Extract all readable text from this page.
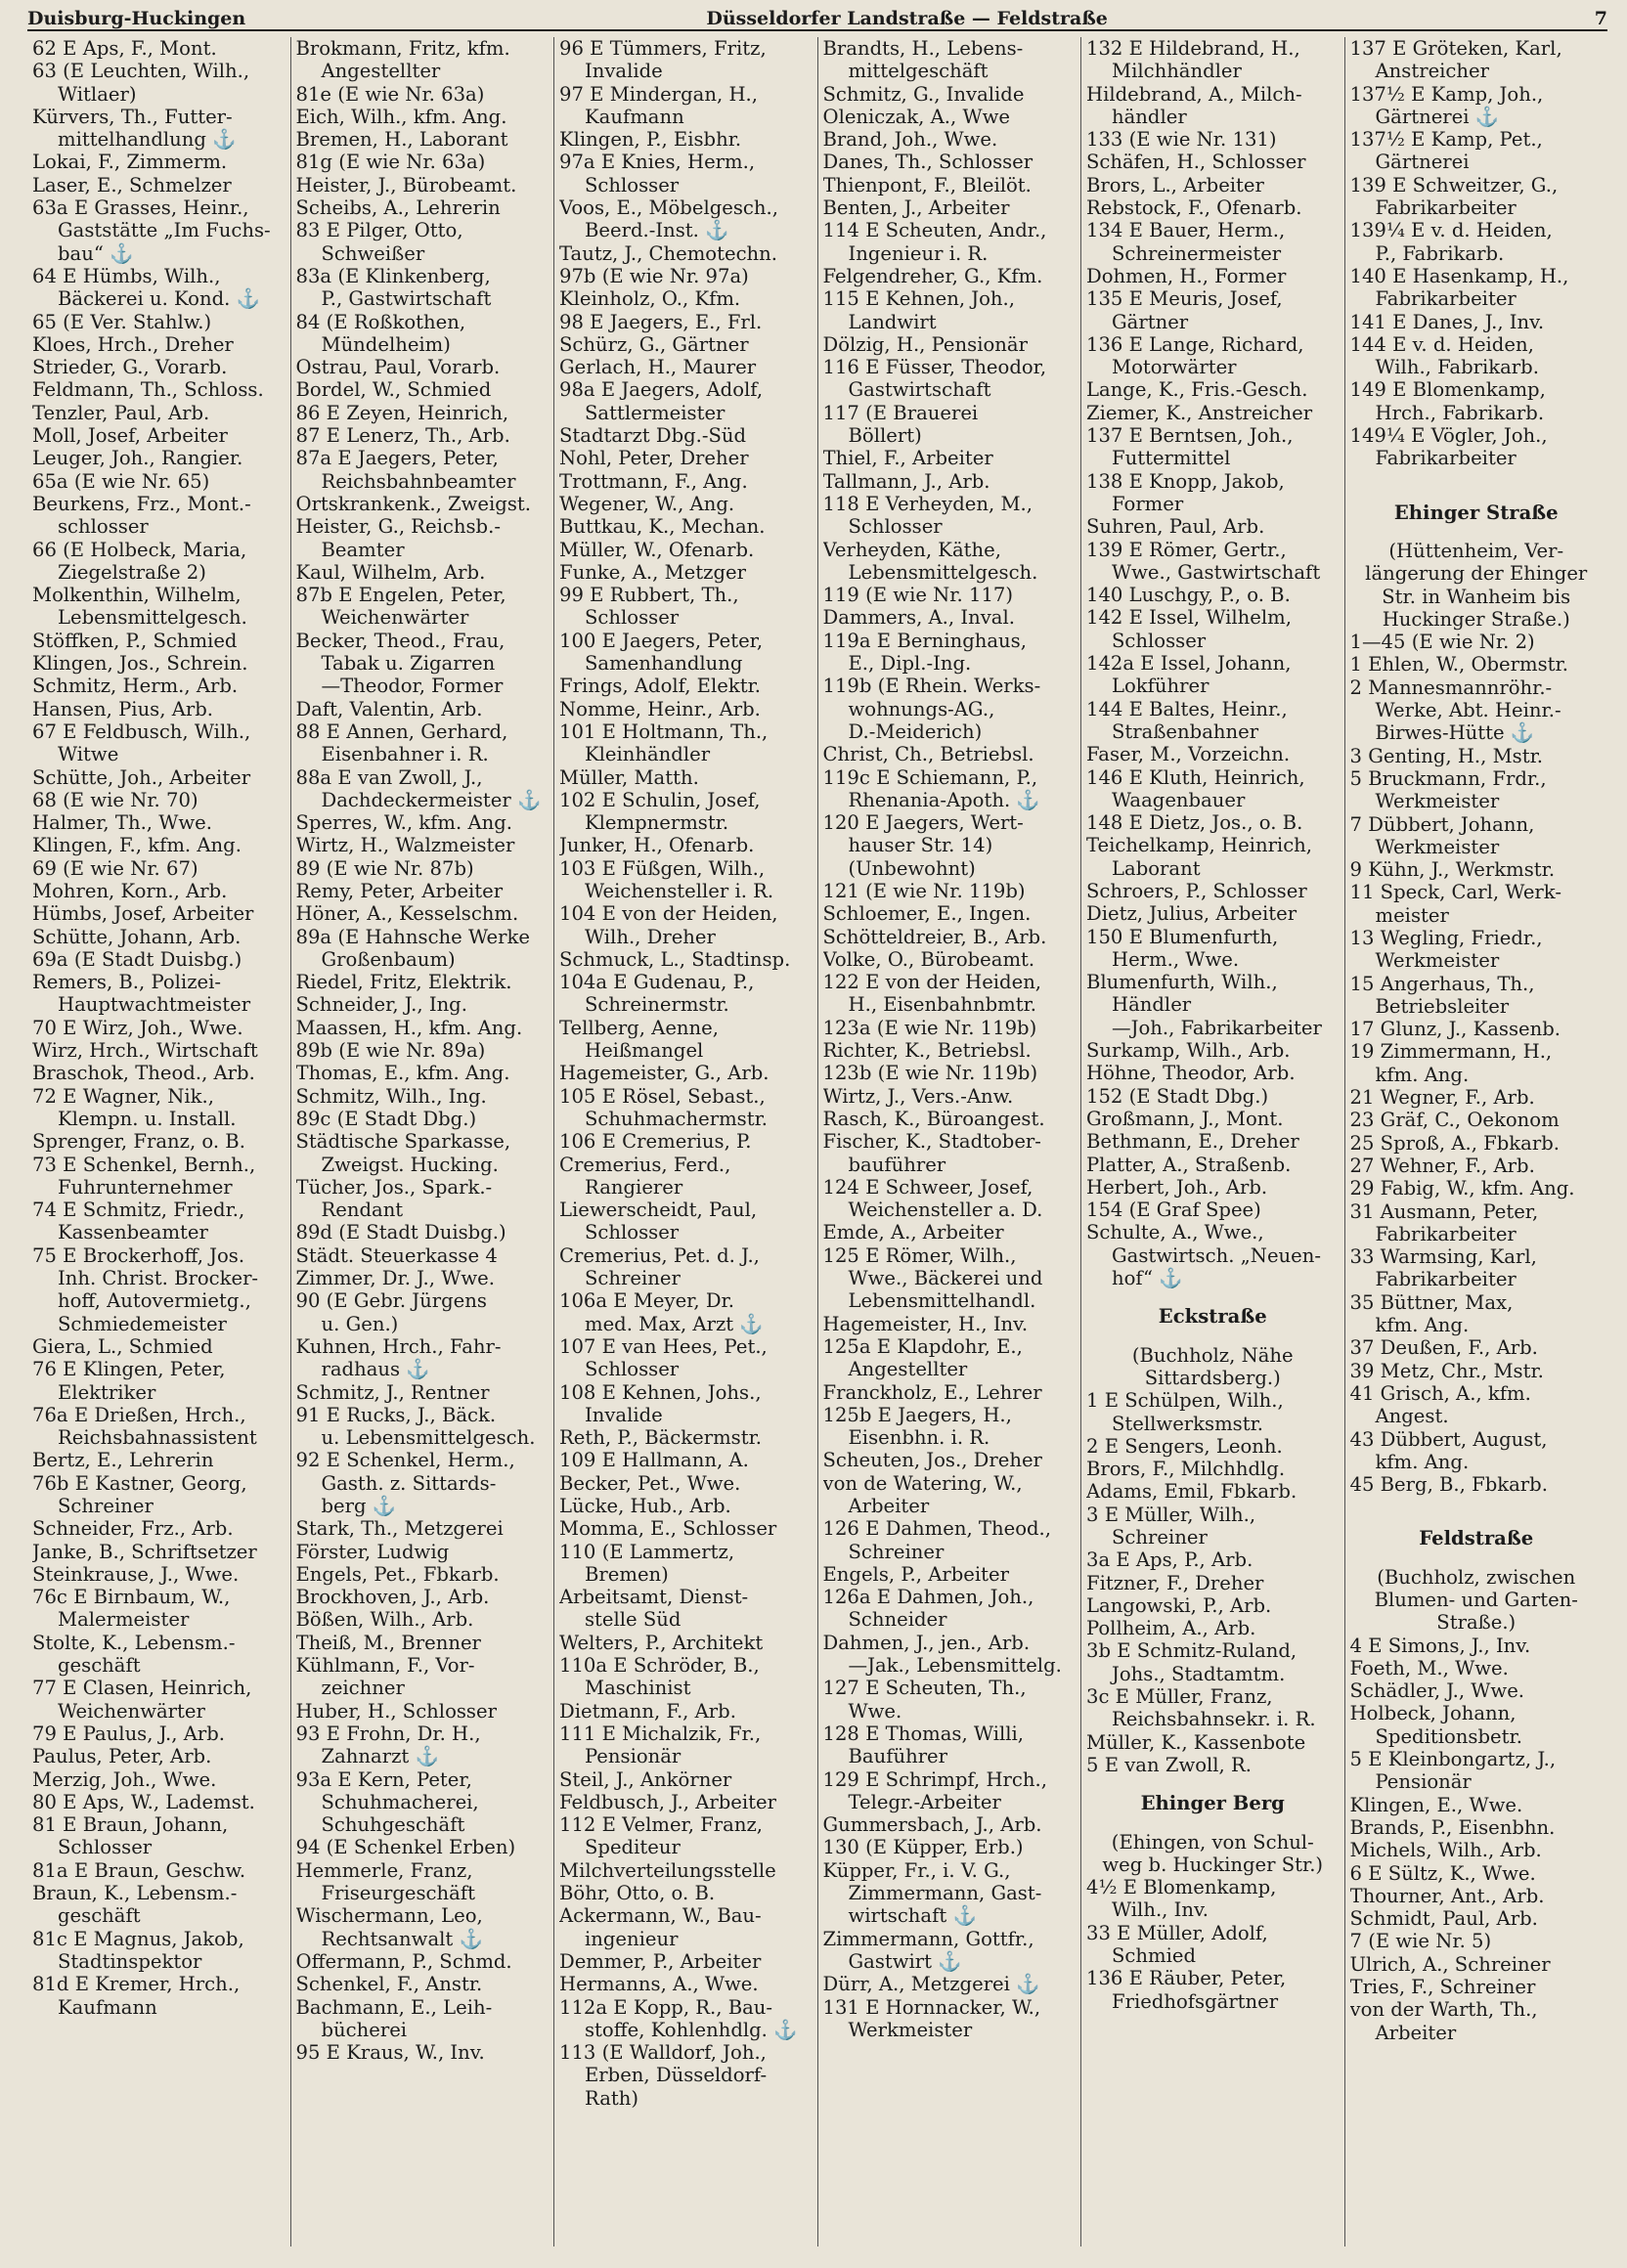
Duisburg-Huckingen	Düsseldorfer Landstraße — Feldstraße	7
62 E Aps, F., Mont.
63 (E Leuchten, Wilh.,
Witlaer)
Kürvers, Th., Futter-
mittelhandlung ⚓
Lokai, F., Zimmerm.
Laser, E., Schmelzer
63a E Grasses, Heinr.,
Gaststätte „Im Fuchs-
bau“ ⚓
64 E Hümbs, Wilh.,
Bäckerei u. Kond. ⚓
65 (E Ver. Stahlw.)
Kloes, Hrch., Dreher
Strieder, G., Vorarb.
Feldmann, Th., Schloss.
Tenzler, Paul, Arb.
Moll, Josef, Arbeiter
Leuger, Joh., Rangier.
65a (E wie Nr. 65)
Beurkens, Frz., Mont.-
schlosser
66 (E Holbeck, Maria,
Ziegelstraße 2)
Molkenthin, Wilhelm,
Lebensmittelgesch.
Stöffken, P., Schmied
Klingen, Jos., Schrein.
Schmitz, Herm., Arb.
Hansen, Pius, Arb.
67 E Feldbusch, Wilh.,
Witwe
Schütte, Joh., Arbeiter
68 (E wie Nr. 70)
Halmer, Th., Wwe.
Klingen, F., kfm. Ang.
69 (E wie Nr. 67)
Mohren, Korn., Arb.
Hümbs, Josef, Arbeiter
Schütte, Johann, Arb.
69a (E Stadt Duisbg.)
Remers, B., Polizei-
Hauptwachtmeister
70 E Wirz, Joh., Wwe.
Wirz, Hrch., Wirtschaft
Braschok, Theod., Arb.
72 E Wagner, Nik.,
Klempn. u. Install.
Sprenger, Franz, o. B.
73 E Schenkel, Bernh.,
Fuhrunternehmer
74 E Schmitz, Friedr.,
Kassenbeamter
75 E Brockerhoff, Jos.
Inh. Christ. Brocker-
hoff, Autovermietg.,
Schmiedemeister
Giera, L., Schmied
76 E Klingen, Peter,
Elektriker
76a E Drießen, Hrch.,
Reichsbahnassistent
Bertz, E., Lehrerin
76b E Kastner, Georg,
Schreiner
Schneider, Frz., Arb.
Janke, B., Schriftsetzer
Steinkrause, J., Wwe.
76c E Birnbaum, W.,
Malermeister
Stolte, K., Lebensm.-
geschäft
77 E Clasen, Heinrich,
Weichenwärter
79 E Paulus, J., Arb.
Paulus, Peter, Arb.
Merzig, Joh., Wwe.
80 E Aps, W., Lademst.
81 E Braun, Johann,
Schlosser
81a E Braun, Geschw.
Braun, K., Lebensm.-
geschäft
81c E Magnus, Jakob,
Stadtinspektor
81d E Kremer, Hrch.,
Kaufmann
Brokmann, Fritz, kfm.
Angestellter
81e (E wie Nr. 63a)
Eich, Wilh., kfm. Ang.
Bremen, H., Laborant
81g (E wie Nr. 63a)
Heister, J., Bürobeamt.
Scheibs, A., Lehrerin
83 E Pilger, Otto,
Schweißer
83a (E Klinkenberg,
P., Gastwirtschaft
84 (E Roßkothen,
Mündelheim)
Ostrau, Paul, Vorarb.
Bordel, W., Schmied
86 E Zeyen, Heinrich,
87 E Lenerz, Th., Arb.
87a E Jaegers, Peter,
Reichsbahnbeamter
Ortskrankenk., Zweigst.
Heister, G., Reichsb.-
Beamter
Kaul, Wilhelm, Arb.
87b E Engelen, Peter,
Weichenwärter
Becker, Theod., Frau,
Tabak u. Zigarren
—Theodor, Former
Daft, Valentin, Arb.
88 E Annen, Gerhard,
Eisenbahner i. R.
88a E van Zwoll, J.,
Dachdeckermeister ⚓
Sperres, W., kfm. Ang.
Wirtz, H., Walzmeister
89 (E wie Nr. 87b)
Remy, Peter, Arbeiter
Höner, A., Kesselschm.
89a (E Hahnsche Werke
Großenbaum)
Riedel, Fritz, Elektrik.
Schneider, J., Ing.
Maassen, H., kfm. Ang.
89b (E wie Nr. 89a)
Thomas, E., kfm. Ang.
Schmitz, Wilh., Ing.
89c (E Stadt Dbg.)
Städtische Sparkasse,
Zweigst. Hucking.
Tücher, Jos., Spark.-
Rendant
89d (E Stadt Duisbg.)
Städt. Steuerkasse 4
Zimmer, Dr. J., Wwe.
90 (E Gebr. Jürgens
u. Gen.)
Kuhnen, Hrch., Fahr-
radhaus ⚓
Schmitz, J., Rentner
91 E Rucks, J., Bäck.
u. Lebensmittelgesch.
92 E Schenkel, Herm.,
Gasth. z. Sittards-
berg ⚓
Stark, Th., Metzgerei
Förster, Ludwig
Engels, Pet., Fbkarb.
Brockhoven, J., Arb.
Bößen, Wilh., Arb.
Theiß, M., Brenner
Kühlmann, F., Vor-
zeichner
Huber, H., Schlosser
93 E Frohn, Dr. H.,
Zahnarzt ⚓
93a E Kern, Peter,
Schuhmacherei,
Schuhgeschäft
94 (E Schenkel Erben)
Hemmerle, Franz,
Friseurgeschäft
Wischermann, Leo,
Rechtsanwalt ⚓
Offermann, P., Schmd.
Schenkel, F., Anstr.
Bachmann, E., Leih-
bücherei
95 E Kraus, W., Inv.
96 E Tümmers, Fritz,
Invalide
97 E Mindergan, H.,
Kaufmann
Klingen, P., Eisbhr.
97a E Knies, Herm.,
Schlosser
Voos, E., Möbelgesch.,
Beerd.-Inst. ⚓
Tautz, J., Chemotechn.
97b (E wie Nr. 97a)
Kleinholz, O., Kfm.
98 E Jaegers, E., Frl.
Schürz, G., Gärtner
Gerlach, H., Maurer
98a E Jaegers, Adolf,
Sattlermeister
Stadtarzt Dbg.-Süd
Nohl, Peter, Dreher
Trottmann, F., Ang.
Wegener, W., Ang.
Buttkau, K., Mechan.
Müller, W., Ofenarb.
Funke, A., Metzger
99 E Rubbert, Th.,
Schlosser
100 E Jaegers, Peter,
Samenhandlung
Frings, Adolf, Elektr.
Nomme, Heinr., Arb.
101 E Holtmann, Th.,
Kleinhändler
Müller, Matth.
102 E Schulin, Josef,
Klempnermstr.
Junker, H., Ofenarb.
103 E Füßgen, Wilh.,
Weichensteller i. R.
104 E von der Heiden,
Wilh., Dreher
Schmuck, L., Stadtinsp.
104a E Gudenau, P.,
Schreinermstr.
Tellberg, Aenne,
Heißmangel
Hagemeister, G., Arb.
105 E Rösel, Sebast.,
Schuhmachermstr.
106 E Cremerius, P.
Cremerius, Ferd.,
Rangierer
Liewerscheidt, Paul,
Schlosser
Cremerius, Pet. d. J.,
Schreiner
106a E Meyer, Dr.
med. Max, Arzt ⚓
107 E van Hees, Pet.,
Schlosser
108 E Kehnen, Johs.,
Invalide
Reth, P., Bäckermstr.
109 E Hallmann, A.
Becker, Pet., Wwe.
Lücke, Hub., Arb.
Momma, E., Schlosser
110 (E Lammertz,
Bremen)
Arbeitsamt, Dienst-
stelle Süd
Welters, P., Architekt
110a E Schröder, B.,
Maschinist
Dietmann, F., Arb.
111 E Michalzik, Fr.,
Pensionär
Steil, J., Ankörner
Feldbusch, J., Arbeiter
112 E Velmer, Franz,
Spediteur
Milchverteilungsstelle
Böhr, Otto, o. B.
Ackermann, W., Bau-
ingenieur
Demmer, P., Arbeiter
Hermanns, A., Wwe.
112a E Kopp, R., Bau-
stoffe, Kohlenhdlg. ⚓
113 (E Walldorf, Joh.,
Erben, Düsseldorf-
Rath)
Brandts, H., Lebens-
mittelgeschäft
Schmitz, G., Invalide
Oleniczak, A., Wwe
Brand, Joh., Wwe.
Danes, Th., Schlosser
Thienpont, F., Bleilöt.
Benten, J., Arbeiter
114 E Scheuten, Andr.,
Ingenieur i. R.
Felgendreher, G., Kfm.
115 E Kehnen, Joh.,
Landwirt
Dölzig, H., Pensionär
116 E Füsser, Theodor,
Gastwirtschaft
117 (E Brauerei
Böllert)
Thiel, F., Arbeiter
Tallmann, J., Arb.
118 E Verheyden, M.,
Schlosser
Verheyden, Käthe,
Lebensmittelgesch.
119 (E wie Nr. 117)
Dammers, A., Inval.
119a E Berninghaus,
E., Dipl.-Ing.
119b (E Rhein. Werks-
wohnungs-AG.,
D.-Meiderich)
Christ, Ch., Betriebsl.
119c E Schiemann, P.,
Rhenania-Apoth. ⚓
120 E Jaegers, Wert-
hauser Str. 14)
(Unbewohnt)
121 (E wie Nr. 119b)
Schloemer, E., Ingen.
Schötteldreier, B., Arb.
Volke, O., Bürobeamt.
122 E von der Heiden,
H., Eisenbahnbmtr.
123a (E wie Nr. 119b)
Richter, K., Betriebsl.
123b (E wie Nr. 119b)
Wirtz, J., Vers.-Anw.
Rasch, K., Büroangest.
Fischer, K., Stadtober-
bauführer
124 E Schweer, Josef,
Weichensteller a. D.
Emde, A., Arbeiter
125 E Römer, Wilh.,
Wwe., Bäckerei und
Lebensmittelhandl.
Hagemeister, H., Inv.
125a E Klapdohr, E.,
Angestellter
Franckholz, E., Lehrer
125b E Jaegers, H.,
Eisenbhn. i. R.
Scheuten, Jos., Dreher
von de Watering, W.,
Arbeiter
126 E Dahmen, Theod.,
Schreiner
Engels, P., Arbeiter
126a E Dahmen, Joh.,
Schneider
Dahmen, J., jen., Arb.
—Jak., Lebensmittelg.
127 E Scheuten, Th.,
Wwe.
128 E Thomas, Willi,
Bauführer
129 E Schrimpf, Hrch.,
Telegr.-Arbeiter
Gummersbach, J., Arb.
130 (E Küpper, Erb.)
Küpper, Fr., i. V. G.,
Zimmermann, Gast-
wirtschaft ⚓
Zimmermann, Gottfr.,
Gastwirt ⚓
Dürr, A., Metzgerei ⚓
131 E Hornnacker, W.,
Werkmeister
132 E Hildebrand, H.,
Milchhändler
Hildebrand, A., Milch-
händler
133 (E wie Nr. 131)
Schäfen, H., Schlosser
Brors, L., Arbeiter
Rebstock, F., Ofenarb.
134 E Bauer, Herm.,
Schreinermeister
Dohmen, H., Former
135 E Meuris, Josef,
Gärtner
136 E Lange, Richard,
Motorwärter
Lange, K., Fris.-Gesch.
Ziemer, K., Anstreicher
137 E Berntsen, Joh.,
Futtermittel
138 E Knopp, Jakob,
Former
Suhren, Paul, Arb.
139 E Römer, Gertr.,
Wwe., Gastwirtschaft
140 Luschgy, P., o. B.
142 E Issel, Wilhelm,
Schlosser
142a E Issel, Johann,
Lokführer
144 E Baltes, Heinr.,
Straßenbahner
Faser, M., Vorzeichn.
146 E Kluth, Heinrich,
Waagenbauer
148 E Dietz, Jos., o. B.
Teichelkamp, Heinrich,
Laborant
Schroers, P., Schlosser
Dietz, Julius, Arbeiter
150 E Blumenfurth,
Herm., Wwe.
Blumenfurth, Wilh.,
Händler
—Joh., Fabrikarbeiter
Surkamp, Wilh., Arb.
Höhne, Theodor, Arb.
152 (E Stadt Dbg.)
Großmann, J., Mont.
Bethmann, E., Dreher
Platter, A., Straßenb.
Herbert, Joh., Arb.
154 (E Graf Spee)
Schulte, A., Wwe.,
Gastwirtsch. „Neuen-
hof“ ⚓
Eckstraße
(Buchholz, Nähe
Sittardsberg.)
1 E Schülpen, Wilh.,
Stellwerksmstr.
2 E Sengers, Leonh.
Brors, F., Milchhdlg.
Adams, Emil, Fbkarb.
3 E Müller, Wilh.,
Schreiner
3a E Aps, P., Arb.
Fitzner, F., Dreher
Langowski, P., Arb.
Pollheim, A., Arb.
3b E Schmitz-Ruland,
Johs., Stadtamtm.
3c E Müller, Franz,
Reichsbahnsekr. i. R.
Müller, K., Kassenbote
5 E van Zwoll, R.
Ehinger Berg
(Ehingen, von Schul-
weg b. Huckinger Str.)
4½ E Blomenkamp,
Wilh., Inv.
33 E Müller, Adolf,
Schmied
136 E Räuber, Peter,
Friedhofsgärtner
137 E Gröteken, Karl,
Anstreicher
137½ E Kamp, Joh.,
Gärtnerei ⚓
137½ E Kamp, Pet.,
Gärtnerei
139 E Schweitzer, G.,
Fabrikarbeiter
139¼ E v. d. Heiden,
P., Fabrikarb.
140 E Hasenkamp, H.,
Fabrikarbeiter
141 E Danes, J., Inv.
144 E v. d. Heiden,
Wilh., Fabrikarb.
149 E Blomenkamp,
Hrch., Fabrikarb.
149¼ E Vögler, Joh.,
Fabrikarbeiter
Ehinger Straße
(Hüttenheim, Ver-
längerung der Ehinger
Str. in Wanheim bis
Huckinger Straße.)
1—45 (E wie Nr. 2)
1 Ehlen, W., Obermstr.
2 Mannesmannröhr.-
Werke, Abt. Heinr.-
Birwes-Hütte ⚓
3 Genting, H., Mstr.
5 Bruckmann, Frdr.,
Werkmeister
7 Dübbert, Johann,
Werkmeister
9 Kühn, J., Werkmstr.
11 Speck, Carl, Werk-
meister
13 Wegling, Friedr.,
Werkmeister
15 Angerhaus, Th.,
Betriebsleiter
17 Glunz, J., Kassenb.
19 Zimmermann, H.,
kfm. Ang.
21 Wegner, F., Arb.
23 Gräf, C., Oekonom
25 Sproß, A., Fbkarb.
27 Wehner, F., Arb.
29 Fabig, W., kfm. Ang.
31 Ausmann, Peter,
Fabrikarbeiter
33 Warmsing, Karl,
Fabrikarbeiter
35 Büttner, Max,
kfm. Ang.
37 Deußen, F., Arb.
39 Metz, Chr., Mstr.
41 Grisch, A., kfm.
Angest.
43 Dübbert, August,
kfm. Ang.
45 Berg, B., Fbkarb.
Feldstraße
(Buchholz, zwischen
Blumen- und Garten-
Straße.)
4 E Simons, J., Inv.
Foeth, M., Wwe.
Schädler, J., Wwe.
Holbeck, Johann,
Speditionsbetr.
5 E Kleinbongartz, J.,
Pensionär
Klingen, E., Wwe.
Brands, P., Eisenbhn.
Michels, Wilh., Arb.
6 E Sültz, K., Wwe.
Thourner, Ant., Arb.
Schmidt, Paul, Arb.
7 (E wie Nr. 5)
Ulrich, A., Schreiner
Tries, F., Schreiner
von der Warth, Th.,
Arbeiter
